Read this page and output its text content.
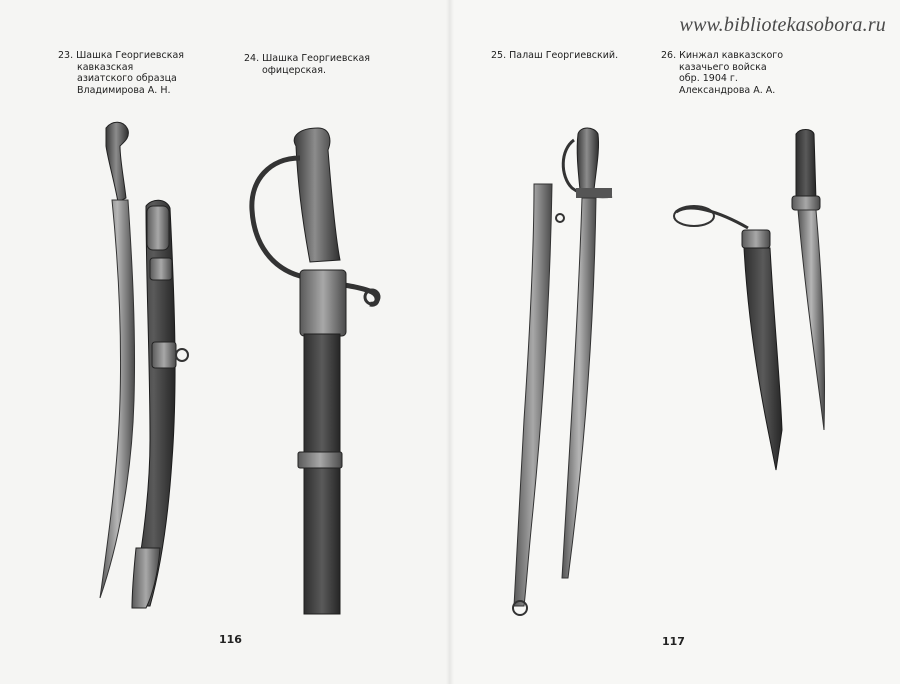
www.bibliotekasobora.ru
23. Шашка Георгиевская
кавказская
азиатского образца
Владимирова А. Н.
24. Шашка Георгиевская
офицерская.
25. Палаш Георгиевский.	26. Кинжал кавказского
казачьего войска
обр. 1904 г.
Александрова А. А.
116	117
